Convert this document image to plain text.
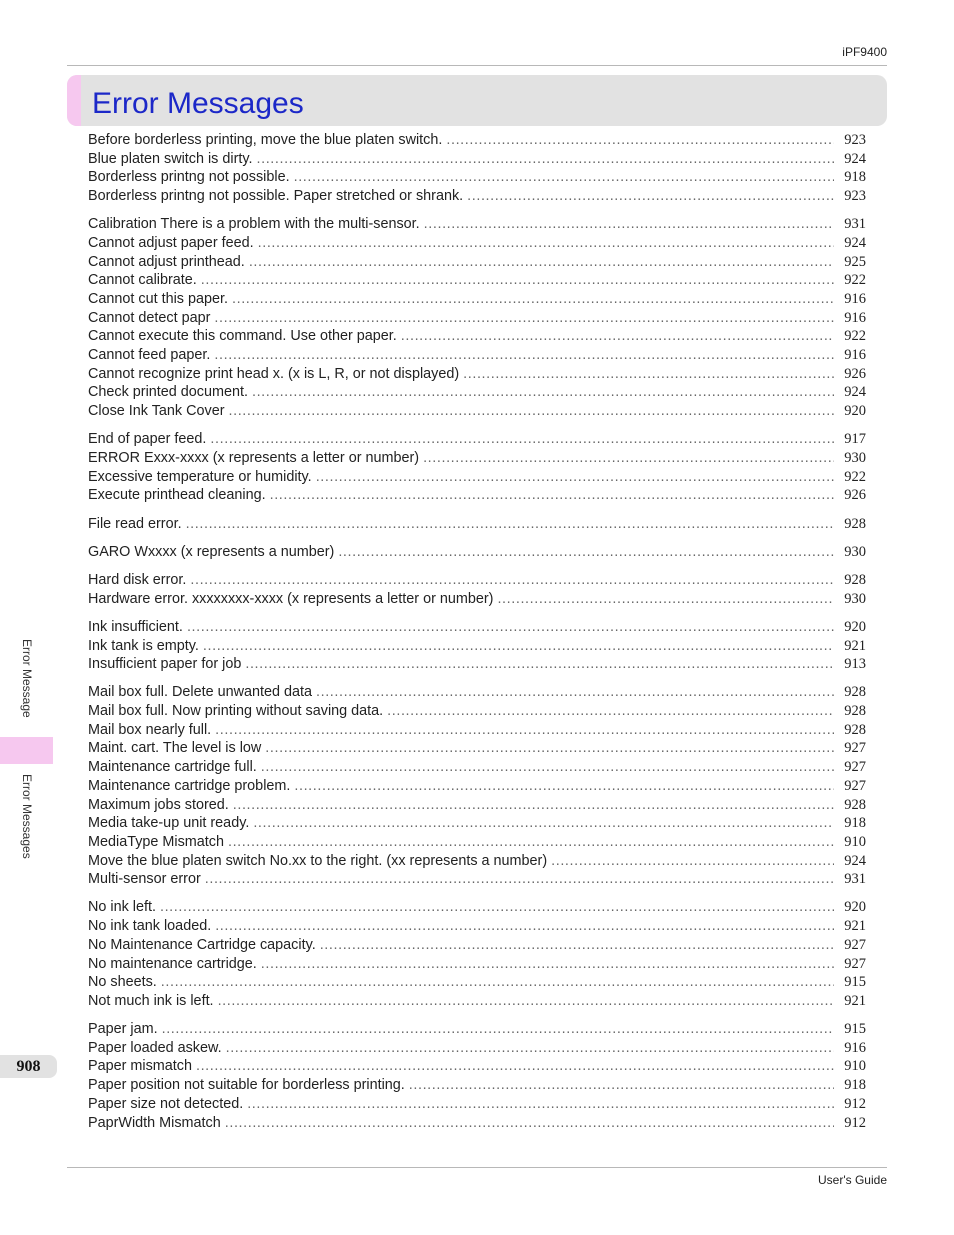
iPF9400
Error Messages
Before borderless printing, move the blue platen switch. .....	923
Blue platen switch is dirty. .....	924
Borderless printng not possible. .....	918
Borderless printng not possible. Paper stretched or shrank. .....	923
Calibration There is a problem with the multi-sensor. .....	931
Cannot adjust paper feed. .....	924
Cannot adjust printhead. .....	925
Cannot calibrate. .....	922
Cannot cut this paper. .....	916
Cannot detect papr .....	916
Cannot execute this command. Use other paper. .....	922
Cannot feed paper. .....	916
Cannot recognize print head x. (x is L, R, or not displayed) .....	926
Check printed document. .....	924
Close Ink Tank Cover .....	920
End of paper feed. .....	917
ERROR Exxx-xxxx (x represents a letter or number) .....	930
Excessive temperature or humidity. .....	922
Execute printhead cleaning. .....	926
File read error. .....	928
GARO Wxxxx (x represents a number) .....	930
Hard disk error. .....	928
Hardware error. xxxxxxxx-xxxx (x represents a letter or number) .....	930
Ink insufficient. .....	920
Ink tank is empty. .....	921
Insufficient paper for job .....	913
Mail box full. Delete unwanted data .....	928
Mail box full. Now printing without saving data. .....	928
Mail box nearly full. .....	928
Maint. cart. The level is low .....	927
Maintenance cartridge full. .....	927
Maintenance cartridge problem. .....	927
Maximum jobs stored. .....	928
Media take-up unit ready. .....	918
MediaType Mismatch .....	910
Move the blue platen switch No.xx to the right. (xx represents a number) .....	924
Multi-sensor error .....	931
No ink left. .....	920
No ink tank loaded. .....	921
No Maintenance Cartridge capacity. .....	927
No maintenance cartridge. .....	927
No sheets. .....	915
Not much ink is left. .....	921
Paper jam. .....	915
Paper loaded askew. .....	916
Paper mismatch .....	910
Paper position not suitable for borderless printing. .....	918
Paper size not detected. .....	912
PaprWidth Mismatch .....	912
Error Message
Error Messages
908
User's Guide
